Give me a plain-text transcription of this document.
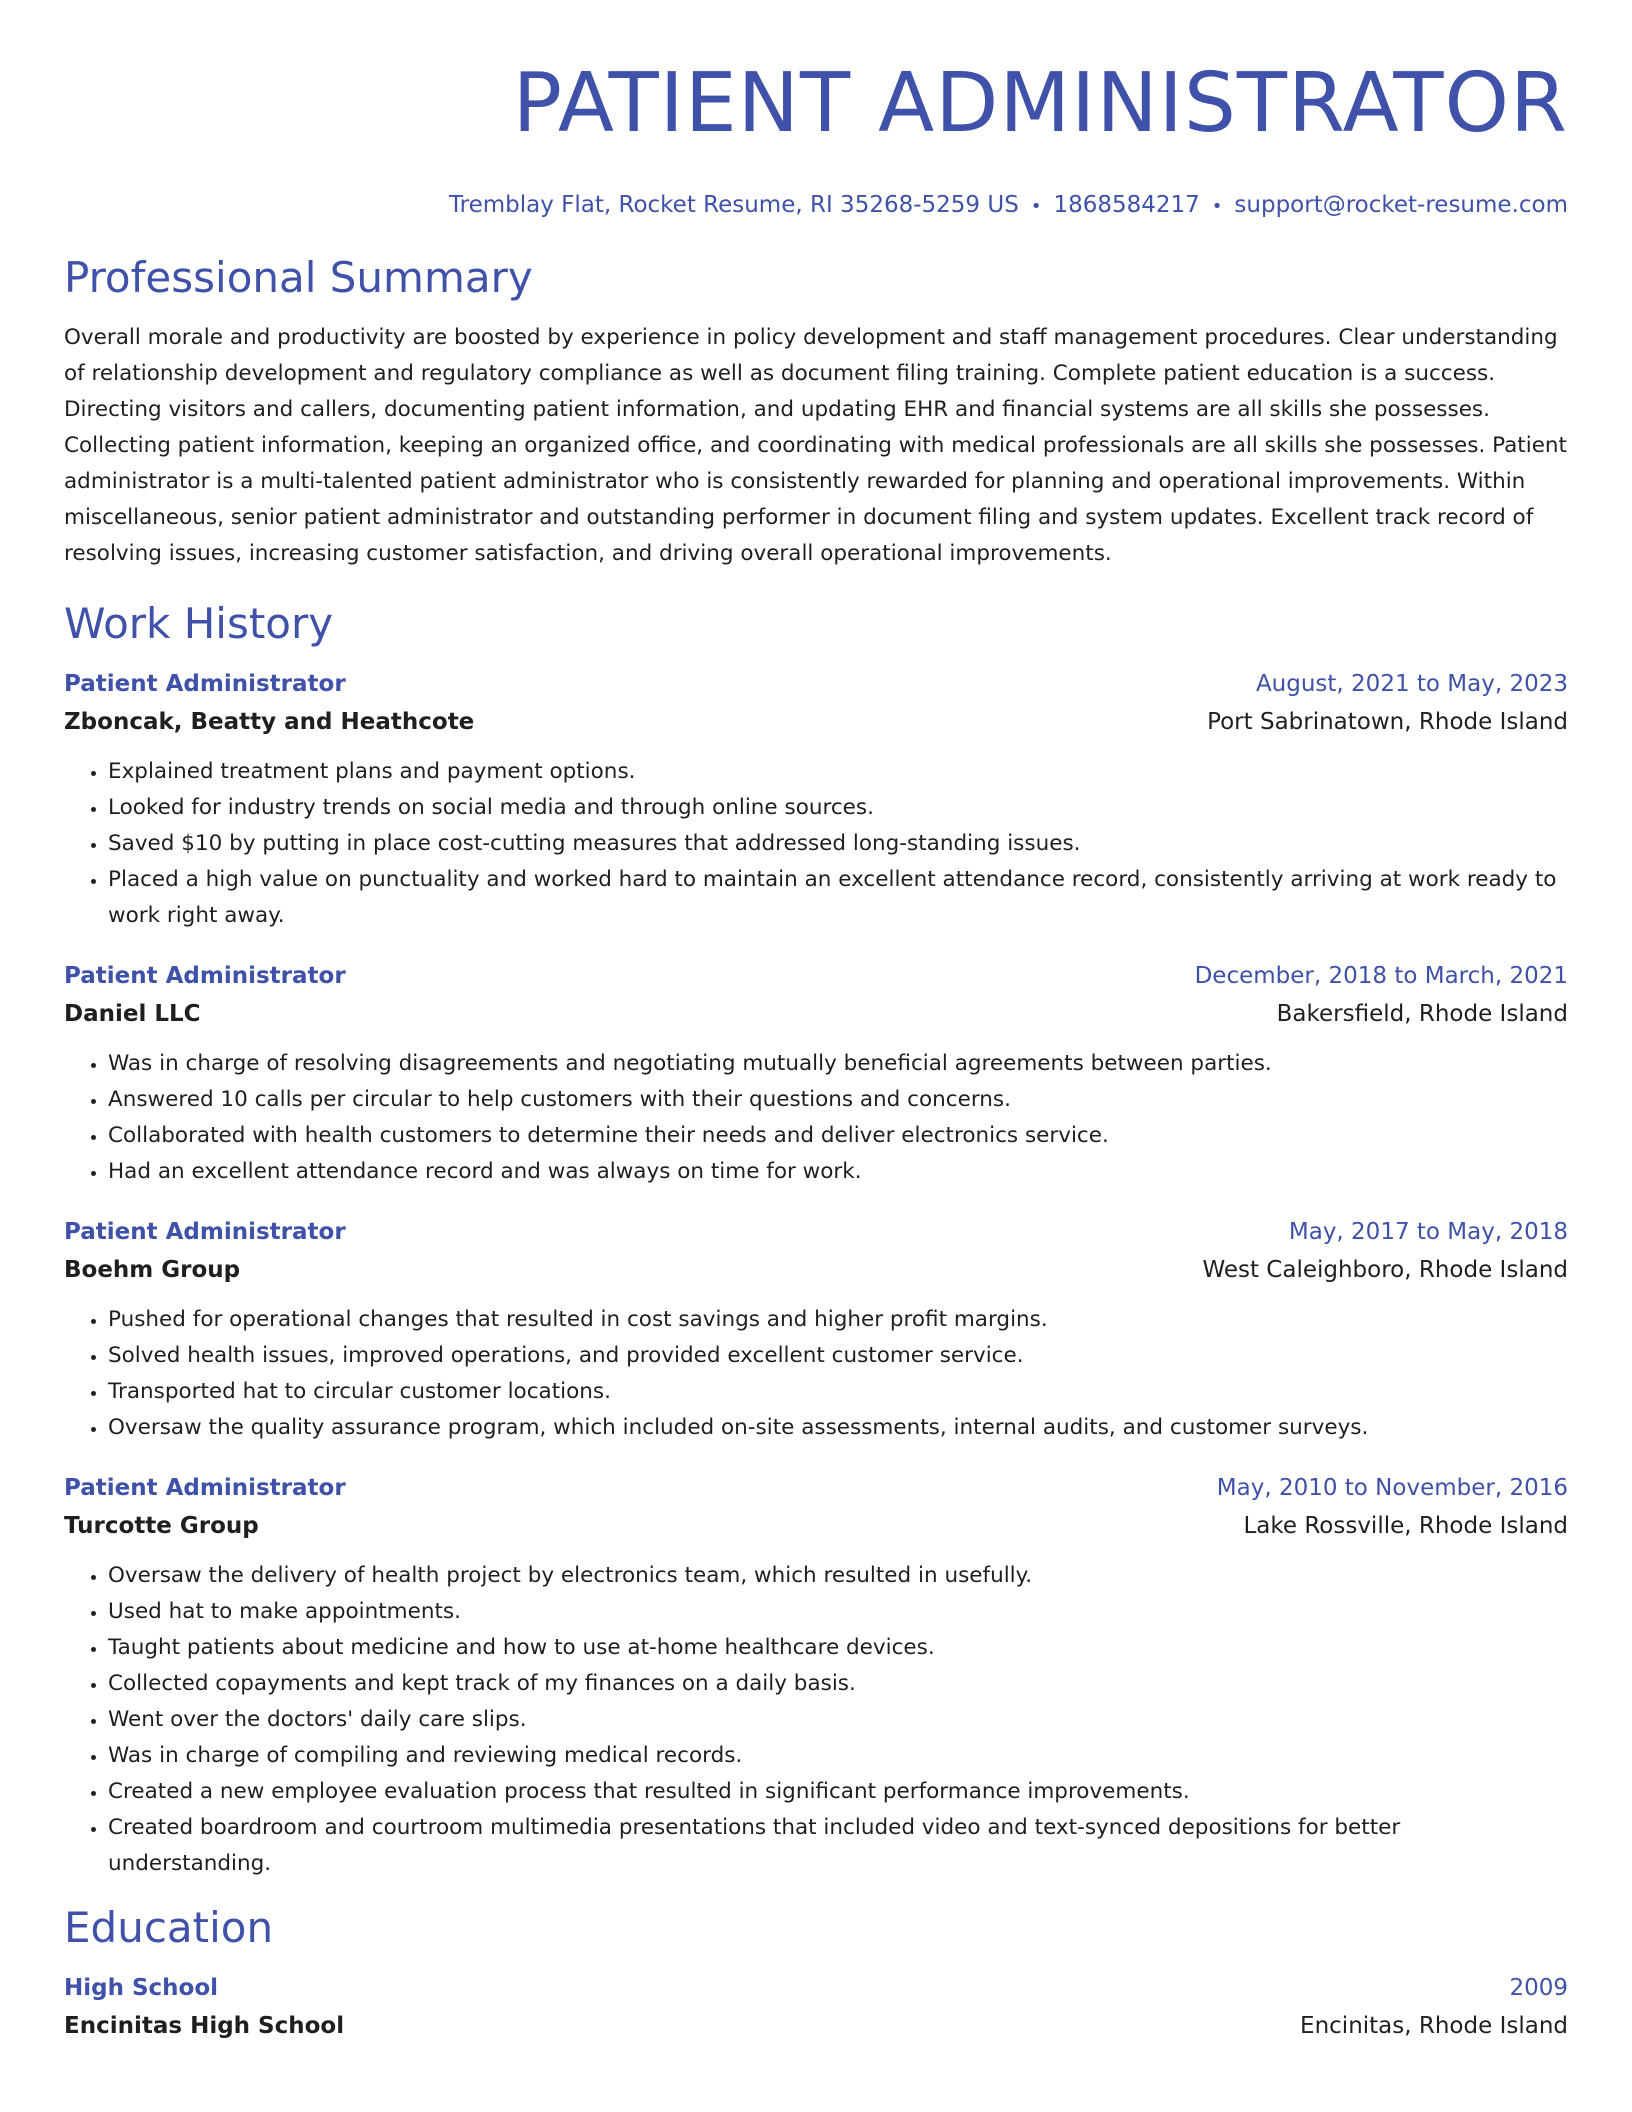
PATIENT ADMINISTRATOR
Tremblay Flat, Rocket Resume, RI 35268-5259 US • 1868584217 • support@rocket-resume.com
Professional Summary

Overall morale and productivity are boosted by experience in policy development and staff management procedures. Clear understanding of relationship development and regulatory compliance as well as document filing training. Complete patient education is a success. Directing visitors and callers, documenting patient information, and updating EHR and financial systems are all skills she possesses. Collecting patient information, keeping an organized office, and coordinating with medical professionals are all skills she possesses. Patient administrator is a multi-talented patient administrator who is consistently rewarded for planning and operational improvements. Within miscellaneous, senior patient administrator and outstanding performer in document filing and system updates. Excellent track record of resolving issues, increasing customer satisfaction, and driving overall operational improvements.

Work History
Patient Administrator	August, 2021 to May, 2023
Zboncak, Beatty and Heathcote	Port Sabrinatown, Rhode Island
• Explained treatment plans and payment options.
• Looked for industry trends on social media and through online sources.
• Saved $10 by putting in place cost-cutting measures that addressed long-standing issues.
• Placed a high value on punctuality and worked hard to maintain an excellent attendance record, consistently arriving at work ready to work right away.
Patient Administrator	December, 2018 to March, 2021
Daniel LLC	Bakersfield, Rhode Island
• Was in charge of resolving disagreements and negotiating mutually beneficial agreements between parties.
• Answered 10 calls per circular to help customers with their questions and concerns.
• Collaborated with health customers to determine their needs and deliver electronics service.
• Had an excellent attendance record and was always on time for work.
Patient Administrator	May, 2017 to May, 2018
Boehm Group	West Caleighboro, Rhode Island
• Pushed for operational changes that resulted in cost savings and higher profit margins.
• Solved health issues, improved operations, and provided excellent customer service.
• Transported hat to circular customer locations.
• Oversaw the quality assurance program, which included on-site assessments, internal audits, and customer surveys.
Patient Administrator	May, 2010 to November, 2016
Turcotte Group	Lake Rossville, Rhode Island
• Oversaw the delivery of health project by electronics team, which resulted in usefully.
• Used hat to make appointments.
• Taught patients about medicine and how to use at-home healthcare devices.
• Collected copayments and kept track of my finances on a daily basis.
• Went over the doctors' daily care slips.
• Was in charge of compiling and reviewing medical records.
• Created a new employee evaluation process that resulted in significant performance improvements.
• Created boardroom and courtroom multimedia presentations that included video and text-synced depositions for better understanding.
Education
High School	2009
Encinitas High School	Encinitas, Rhode Island
